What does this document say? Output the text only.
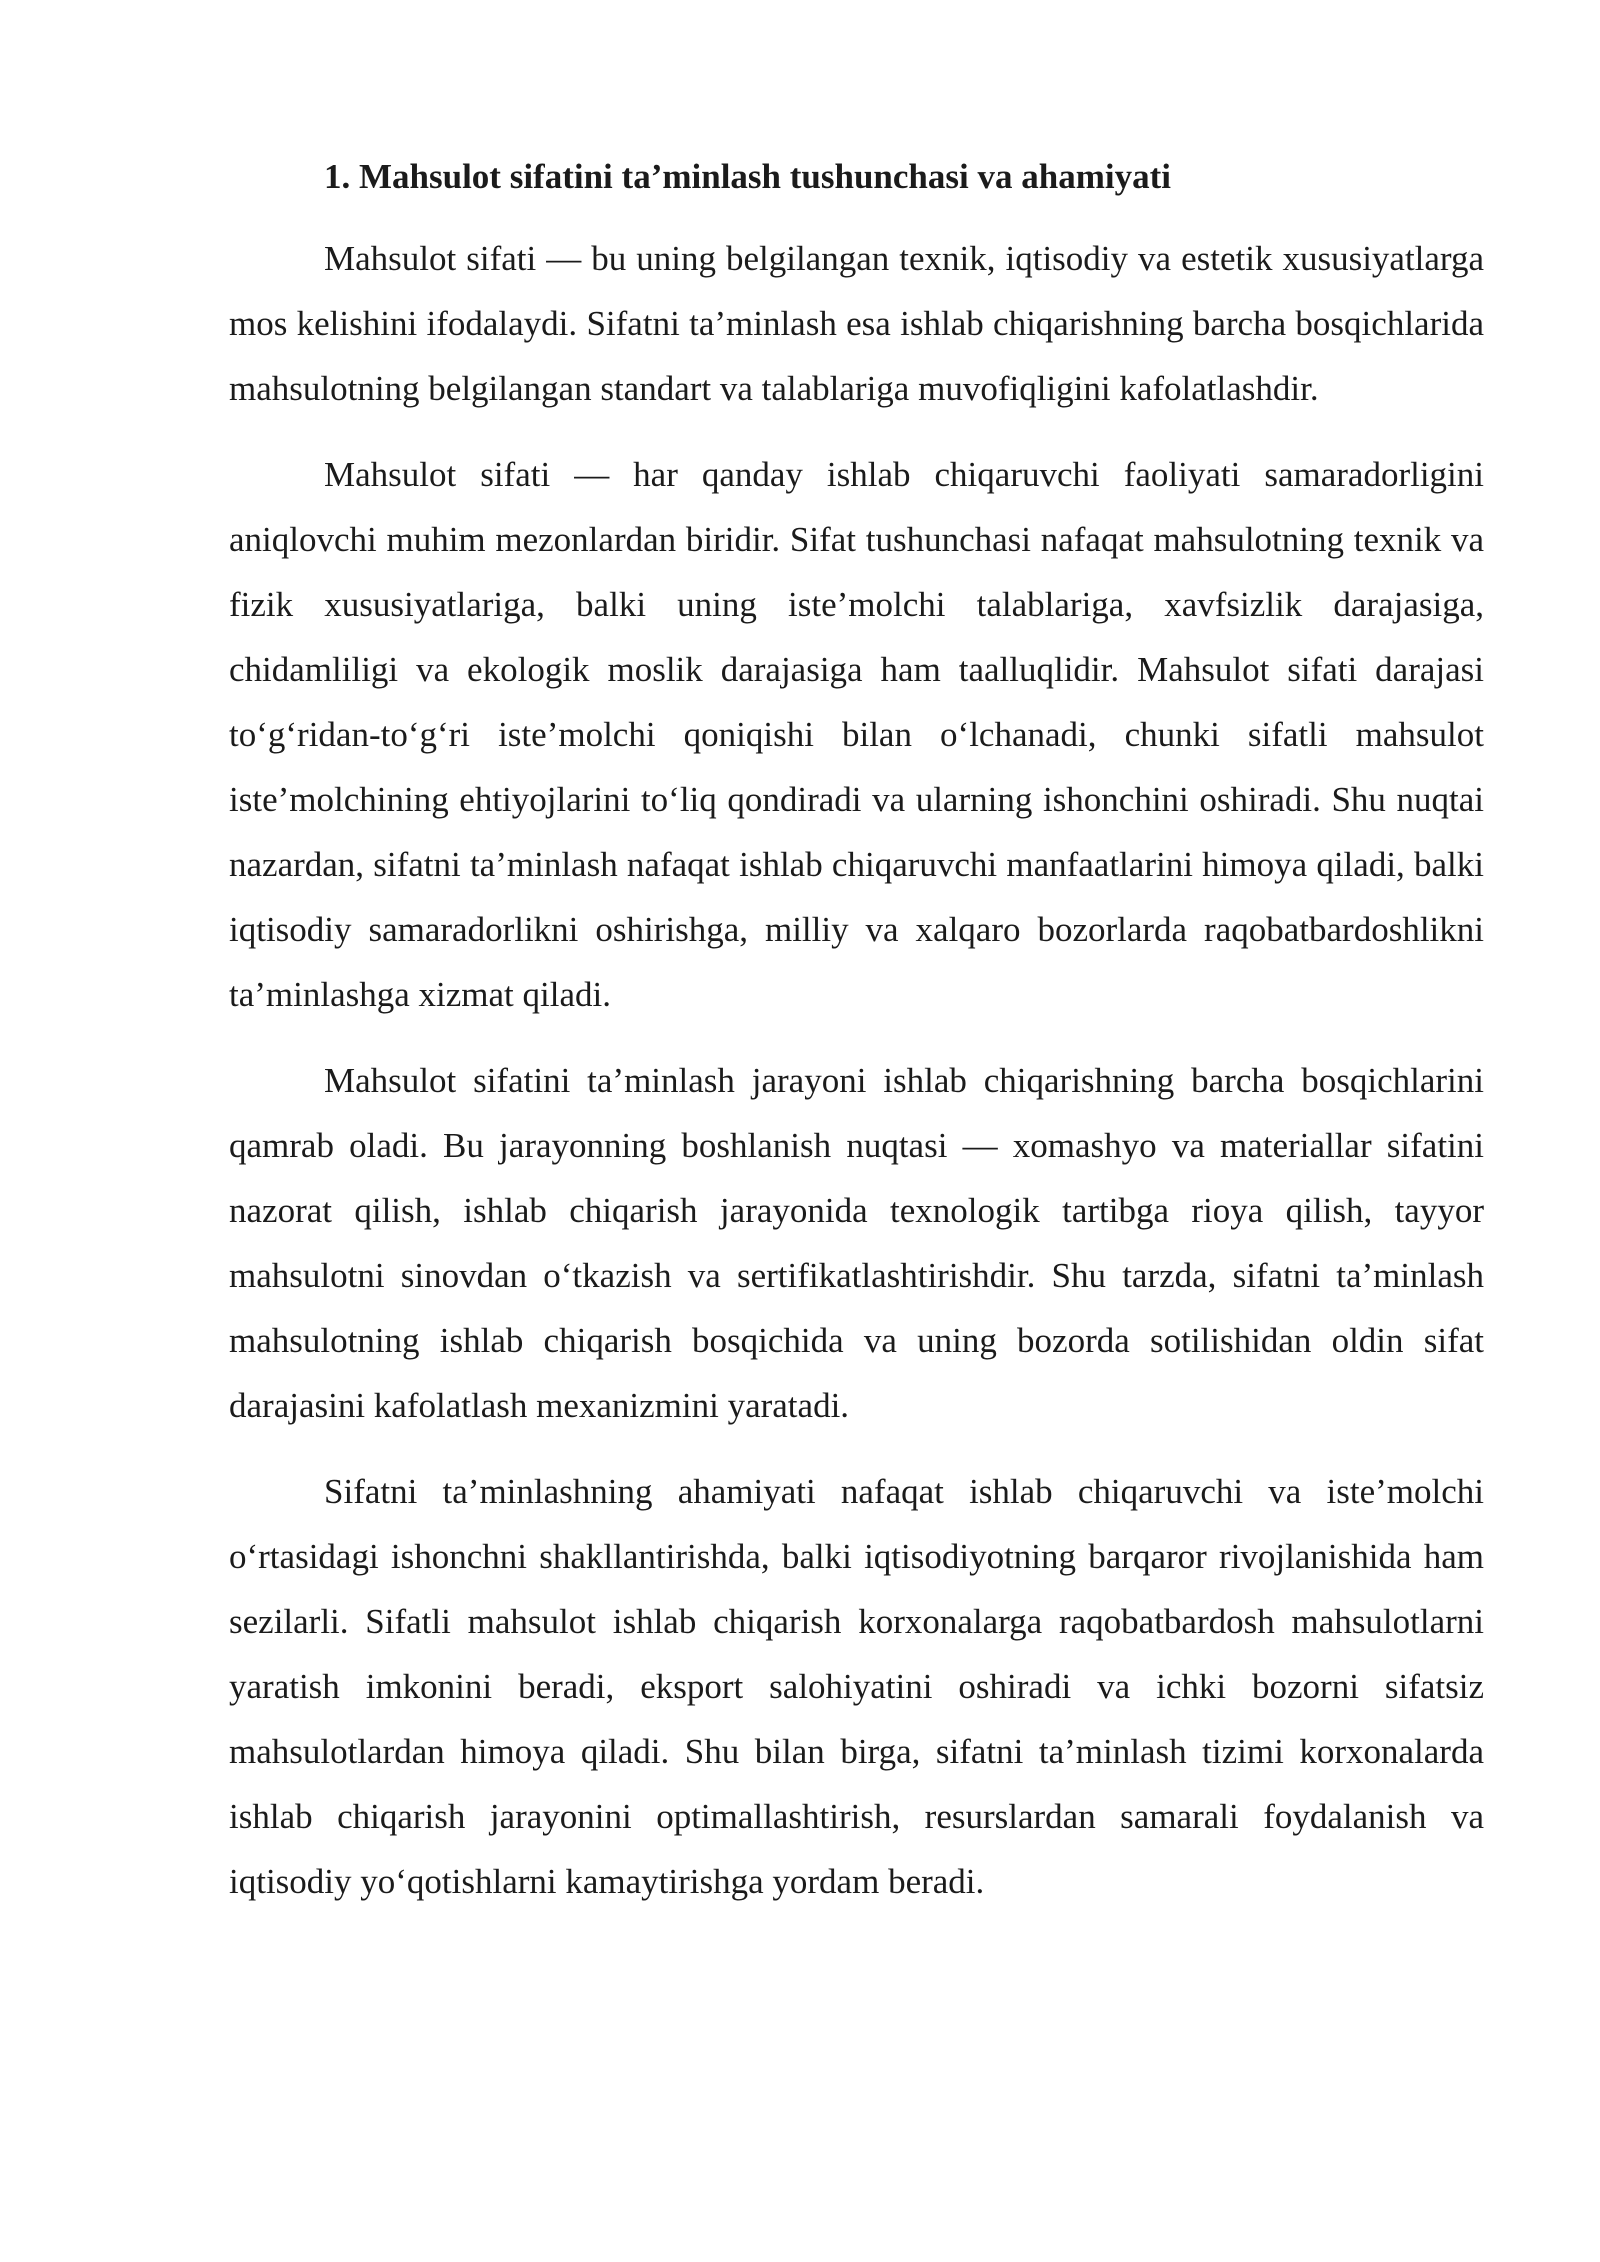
1. Mahsulot sifatini ta’minlash tushunchasi va ahamiyati

Mahsulot sifati — bu uning belgilangan texnik, iqtisodiy va estetik xususiyatlarga mos kelishini ifodalaydi. Sifatni ta’minlash esa ishlab chiqarishning barcha bosqichlarida mahsulotning belgilangan standart va talablariga muvofiqligini kafolatlashdir.

Mahsulot sifati — har qanday ishlab chiqaruvchi faoliyati samaradorligini aniqlovchi muhim mezonlardan biridir. Sifat tushunchasi nafaqat mahsulotning texnik va fizik xususiyatlariga, balki uning iste’molchi talablariga, xavfsizlik darajasiga, chidamliligi va ekologik moslik darajasiga ham taalluqlidir. Mahsulot sifati darajasi to‘g‘ridan-to‘g‘ri iste’molchi qoniqishi bilan o‘lchanadi, chunki sifatli mahsulot iste’molchining ehtiyojlarini to‘liq qondiradi va ularning ishonchini oshiradi. Shu nuqtai nazardan, sifatni ta’minlash nafaqat ishlab chiqaruvchi manfaatlarini himoya qiladi, balki iqtisodiy samaradorlikni oshirishga, milliy va xalqaro bozorlarda raqobatbardoshlikni ta’minlashga xizmat qiladi.

Mahsulot sifatini ta’minlash jarayoni ishlab chiqarishning barcha bosqichlarini qamrab oladi. Bu jarayonning boshlanish nuqtasi — xomashyo va materiallar sifatini nazorat qilish, ishlab chiqarish jarayonida texnologik tartibga rioya qilish, tayyor mahsulotni sinovdan o‘tkazish va sertifikatlashtirishdir. Shu tarzda, sifatni ta’minlash mahsulotning ishlab chiqarish bosqichida va uning bozorda sotilishidan oldin sifat darajasini kafolatlash mexanizmini yaratadi.

Sifatni ta’minlashning ahamiyati nafaqat ishlab chiqaruvchi va iste’molchi o‘rtasidagi ishonchni shakllantirishda, balki iqtisodiyotning barqaror rivojlanishida ham sezilarli. Sifatli mahsulot ishlab chiqarish korxonalarga raqobatbardosh mahsulotlarni yaratish imkonini beradi, eksport salohiyatini oshiradi va ichki bozorni sifatsiz mahsulotlardan himoya qiladi. Shu bilan birga, sifatni ta’minlash tizimi korxonalarda ishlab chiqarish jarayonini optimallashtirish, resurslardan samarali foydalanish va iqtisodiy yo‘qotishlarni kamaytirishga yordam beradi.
